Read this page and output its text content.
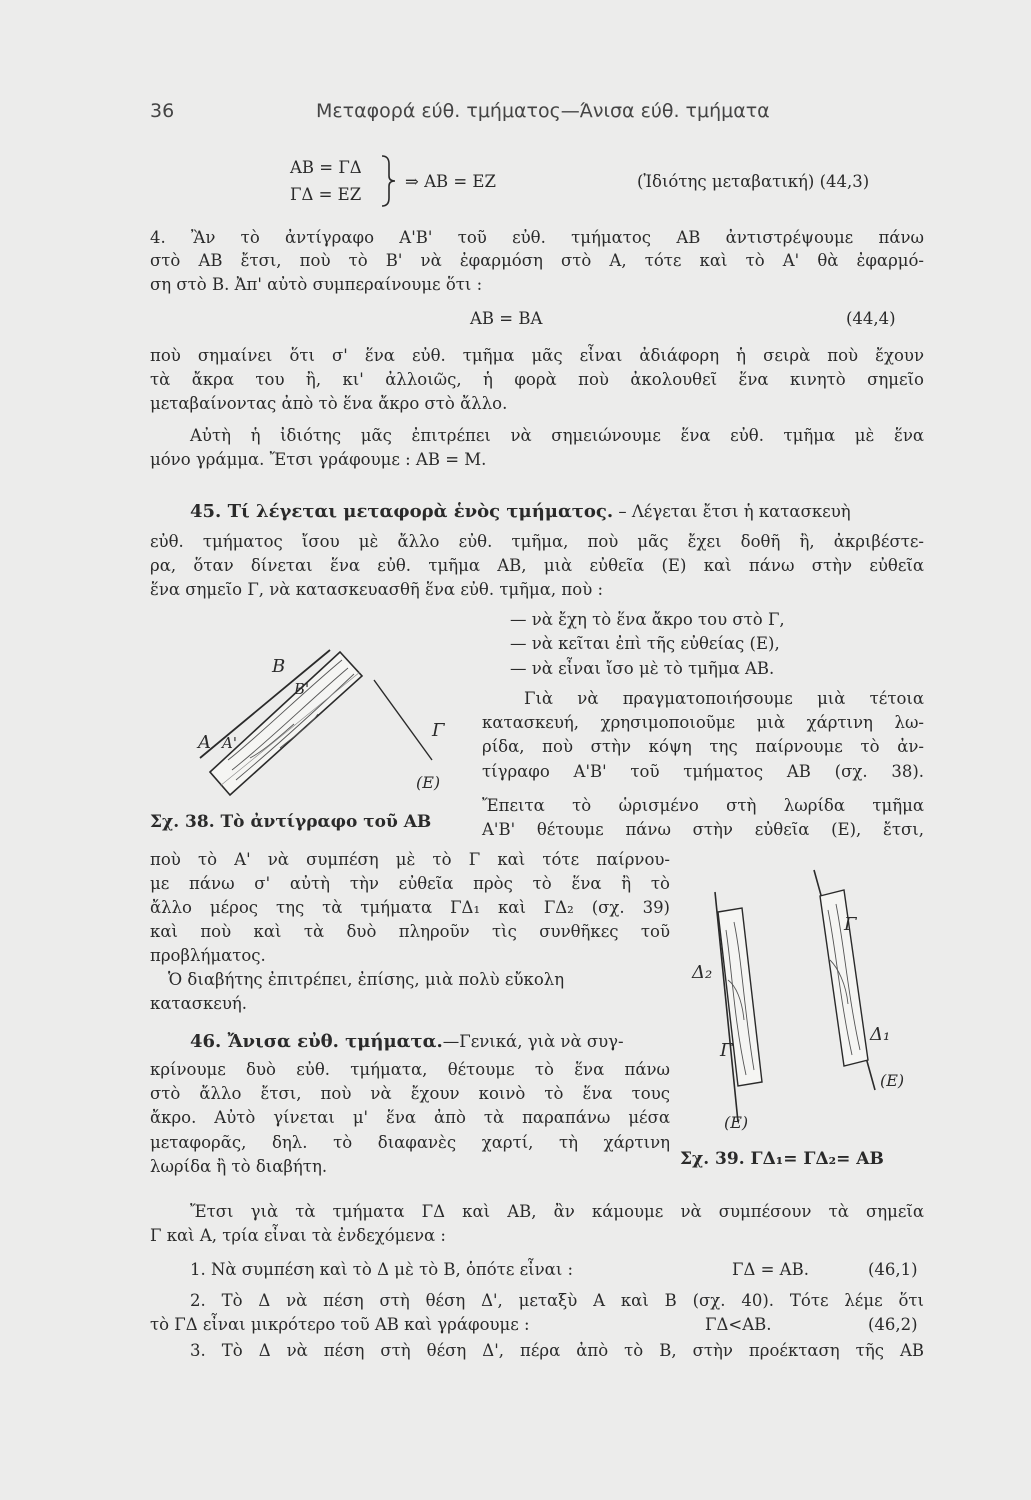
36	Μεταφορά εύθ. τμήματος—Άνισα εύθ. τμήματα
ΑΒ = ΓΔ
ΓΔ = ΕΖ
⇒ ΑΒ = ΕΖ	(Ἰδιότης μεταβατική) (44,3)
4. Ἂν τὸ ἀντίγραφο Α'Β' τοῦ εὐθ. τμήματος ΑΒ ἀντιστρέψουμε πάνω
στὸ ΑΒ ἔτσι, ποὺ τὸ Β' νὰ ἐφαρμόση στὸ Α, τότε καὶ τὸ Α' θὰ ἐφαρμό-
ση στὸ Β. Ἀπ' αὐτὸ συμπεραίνουμε ὅτι :
ΑΒ = ΒΑ	(44,4)
ποὺ σημαίνει ὅτι σ' ἕνα εὐθ. τμῆμα μᾶς εἶναι ἀδιάφορη ἡ σειρὰ ποὺ ἔχουν
τὰ ἄκρα του ἢ, κι' ἀλλοιῶς, ἡ φορὰ ποὺ ἀκολουθεῖ ἕνα κινητὸ σημεῖο
μεταβαίνοντας ἀπὸ τὸ ἕνα ἄκρο στὸ ἄλλο.
Αὐτὴ ἡ ἰδιότης μᾶς ἐπιτρέπει νὰ σημειώνουμε ἕνα εὐθ. τμῆμα μὲ ἕνα
μόνο γράμμα. Ἔτσι γράφουμε : ΑΒ = Μ.
45. Τί λέγεται μεταφορὰ ἑνὸς τμήματος. – Λέγεται ἔτσι ἡ κατασκευὴ
εὐθ. τμήματος ἴσου μὲ ἄλλο εὐθ. τμῆμα, ποὺ μᾶς ἔχει δοθῆ ἢ, ἀκριβέστε-
ρα, ὅταν δίνεται ἕνα εὐθ. τμῆμα ΑΒ, μιὰ εὐθεῖα (Ε) καὶ πάνω στὴν εὐθεῖα
ἕνα σημεῖο Γ, νὰ κατασκευασθῆ ἕνα εὐθ. τμῆμα, ποὺ :
— νὰ ἔχη τὸ ἕνα ἄκρο του στὸ Γ,
— νὰ κεῖται ἐπὶ τῆς εὐθείας (Ε),
— νὰ εἶναι ἴσο μὲ τὸ τμῆμα ΑΒ.
Γιὰ νὰ πραγματοποιήσουμε μιὰ τέτοια
κατασκευή, χρησιμοποιοῦμε μιὰ χάρτινη λω-
ρίδα, ποὺ στὴν κόψη της παίρνουμε τὸ ἀν-
τίγραφο Α'Β' τοῦ τμήματος ΑΒ (σχ. 38).
Ἔπειτα τὸ ὡρισμένο στὴ λωρίδα τμῆμα
Α'Β' θέτουμε πάνω στὴν εὐθεῖα (Ε), ἔτσι,
Β
Β'
Α Α'
Γ
(Ε)
Σχ. 38. Τὸ ἀντίγραφο τοῦ ΑΒ
ποὺ τὸ Α' νὰ συμπέση μὲ τὸ Γ καὶ τότε παίρνου-
με πάνω σ' αὐτὴ τὴν εὐθεῖα πρὸς τὸ ἕνα ἢ τὸ
ἄλλο μέρος της τὰ τμήματα ΓΔ₁ καὶ ΓΔ₂ (σχ. 39)
καὶ ποὺ καὶ τὰ δυὸ πληροῦν τὶς συνθῆκες τοῦ
προβλήματος.
Ὁ διαβήτης ἐπιτρέπει, ἐπίσης, μιὰ πολὺ εὔκολη
κατασκευή.
46. Ἄνισα εὐθ. τμήματα.—Γενικά, γιὰ νὰ συγ-
κρίνουμε δυὸ εὐθ. τμήματα, θέτουμε τὸ ἕνα πάνω
στὸ ἄλλο ἔτσι, ποὺ νὰ ἔχουν κοινὸ τὸ ἕνα τους
ἄκρο. Αὐτὸ γίνεται μ' ἕνα ἀπὸ τὰ παραπάνω μέσα
μεταφορᾶς, δηλ. τὸ διαφανὲς χαρτί, τὴ χάρτινη
λωρίδα ἢ τὸ διαβήτη.
Δ₂
Γ
Γ
Δ₁
(Ε)
(Ε)
Σχ. 39. ΓΔ₁= ΓΔ₂= ΑΒ
Ἔτσι γιὰ τὰ τμήματα ΓΔ καὶ ΑΒ, ἂν κάμουμε νὰ συμπέσουν τὰ σημεῖα
Γ καὶ Α, τρία εἶναι τὰ ἐνδεχόμενα :
1. Νὰ συμπέση καὶ τὸ Δ μὲ τὸ Β, ὁπότε εἶναι :	ΓΔ = ΑΒ.	(46,1)
2. Τὸ Δ νὰ πέση στὴ θέση Δ', μεταξὺ Α καὶ Β (σχ. 40). Τότε λέμε ὅτι
τὸ ΓΔ εἶναι μικρότερο τοῦ ΑΒ καὶ γράφουμε :	ΓΔ<ΑΒ.	(46,2)
3. Τὸ Δ νὰ πέση στὴ θέση Δ', πέρα ἀπὸ τὸ Β, στὴν προέκταση τῆς ΑΒ
